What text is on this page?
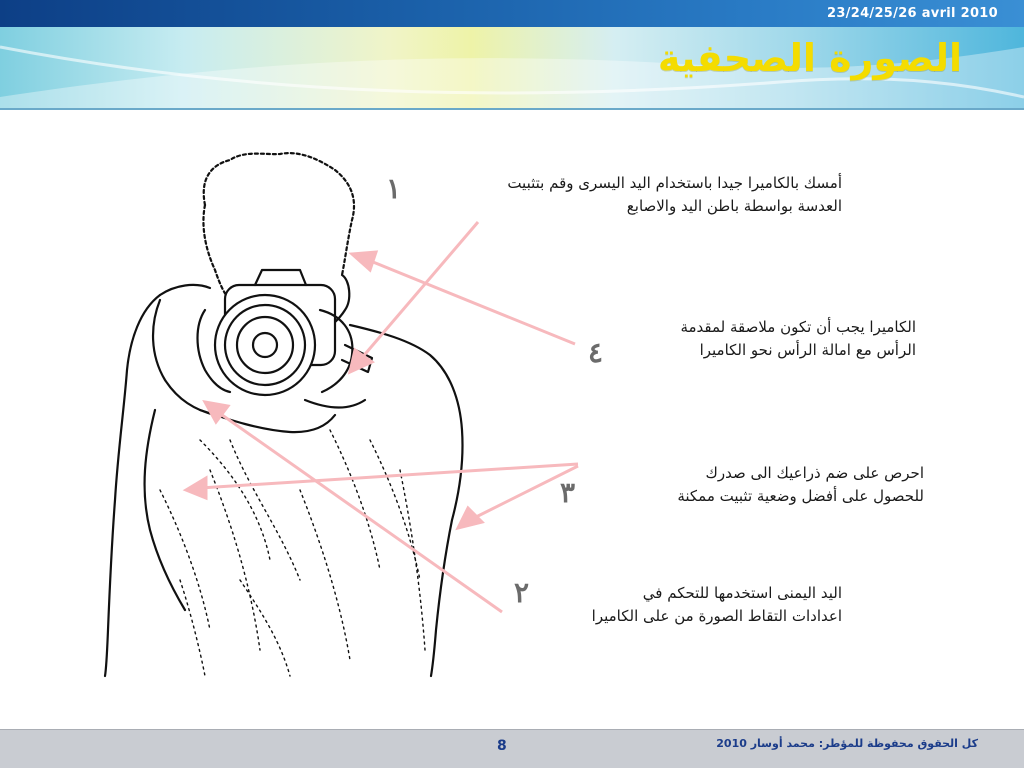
23/24/25/26 avril 2010
الصورة الصحفية
١	أمسك بالكاميرا جيدا باستخدام اليد اليسرى وقم بتثبيت
العدسة بواسطة باطن اليد والاصابع
٤
الكاميرا يجب أن تكون ملاصقة لمقدمة
الرأس مع امالة الرأس نحو الكاميرا
٣
احرص على ضم ذراعيك الى صدرك
للحصول على أفضل وضعية تثبيت ممكنة
٢	اليد اليمنى استخدمها للتحكم في
اعدادات التقاط الصورة من على الكاميرا
8	كل الحقوق محفوظة للمؤطر: محمد أوسار 2010
